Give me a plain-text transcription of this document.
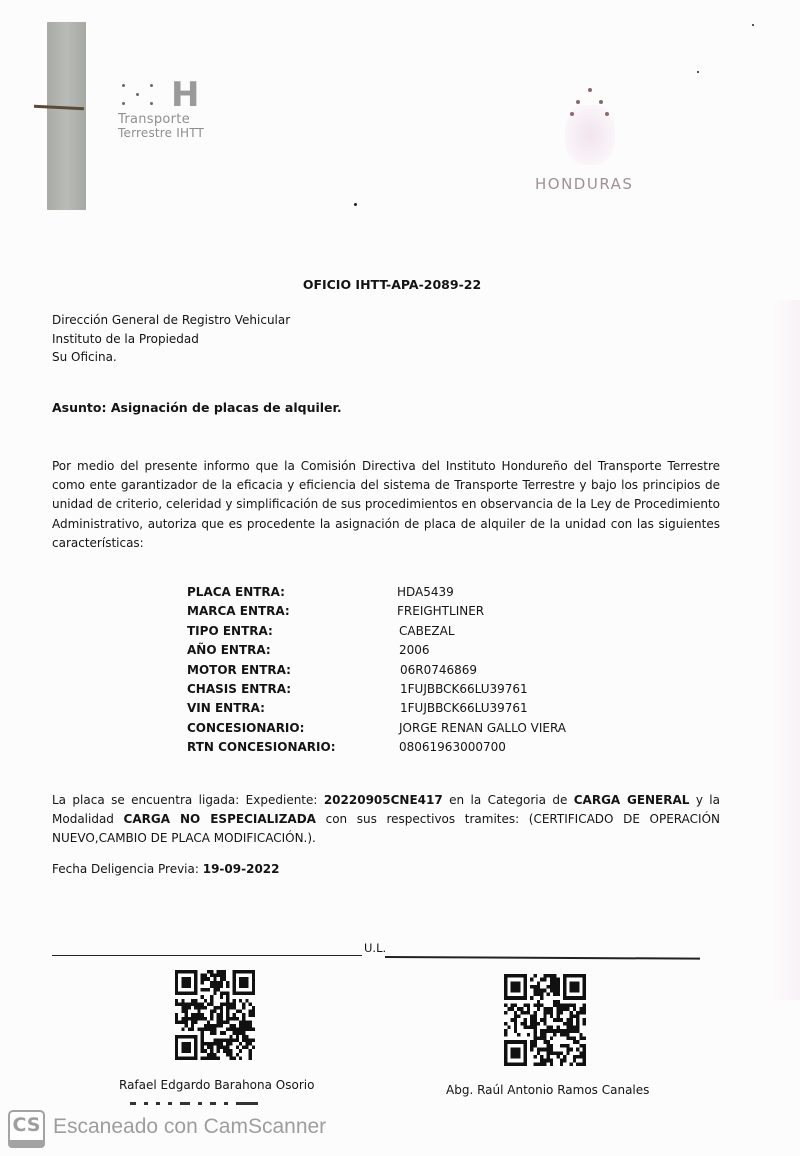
H
Transporte
Terrestre IHTT
HONDURAS
OFICIO IHTT-APA-2089-22
Dirección General de Registro Vehicular
Instituto de la Propiedad
Su Oficina.
Asunto: Asignación de placas de alquiler.
Por medio del presente informo que la Comisión Directiva del Instituto Hondureño del Transporte Terrestre como ente garantizador de la eficacia y eficiencia del sistema de Transporte Terrestre y bajo los principios de unidad de criterio, celeridad y simplificación de sus procedimientos en observancia de la Ley de Procedimiento Administrativo, autoriza que es procedente la asignación de placa de alquiler de la unidad con las siguientes características:
PLACA ENTRA:	HDA5439
MARCA ENTRA:	FREIGHTLINER
TIPO ENTRA:	CABEZAL
AÑO ENTRA:	2006
MOTOR ENTRA:	06R0746869
CHASIS ENTRA:	1FUJBBCK66LU39761
VIN ENTRA:	1FUJBBCK66LU39761
CONCESIONARIO:	JORGE RENAN GALLO VIERA
RTN CONCESIONARIO:	08061963000700
La placa se encuentra ligada: Expediente: 20220905CNE417 en la Categoria de CARGA GENERAL y la Modalidad CARGA NO ESPECIALIZADA con sus respectivos tramites: (CERTIFICADO DE OPERACIÓN NUEVO,CAMBIO DE PLACA MODIFICACIÓN.).
Fecha Deligencia Previa: 19-09-2022
U.L.
Rafael Edgardo Barahona Osorio	Abg. Raúl Antonio Ramos Canales
CS Escaneado con CamScanner
